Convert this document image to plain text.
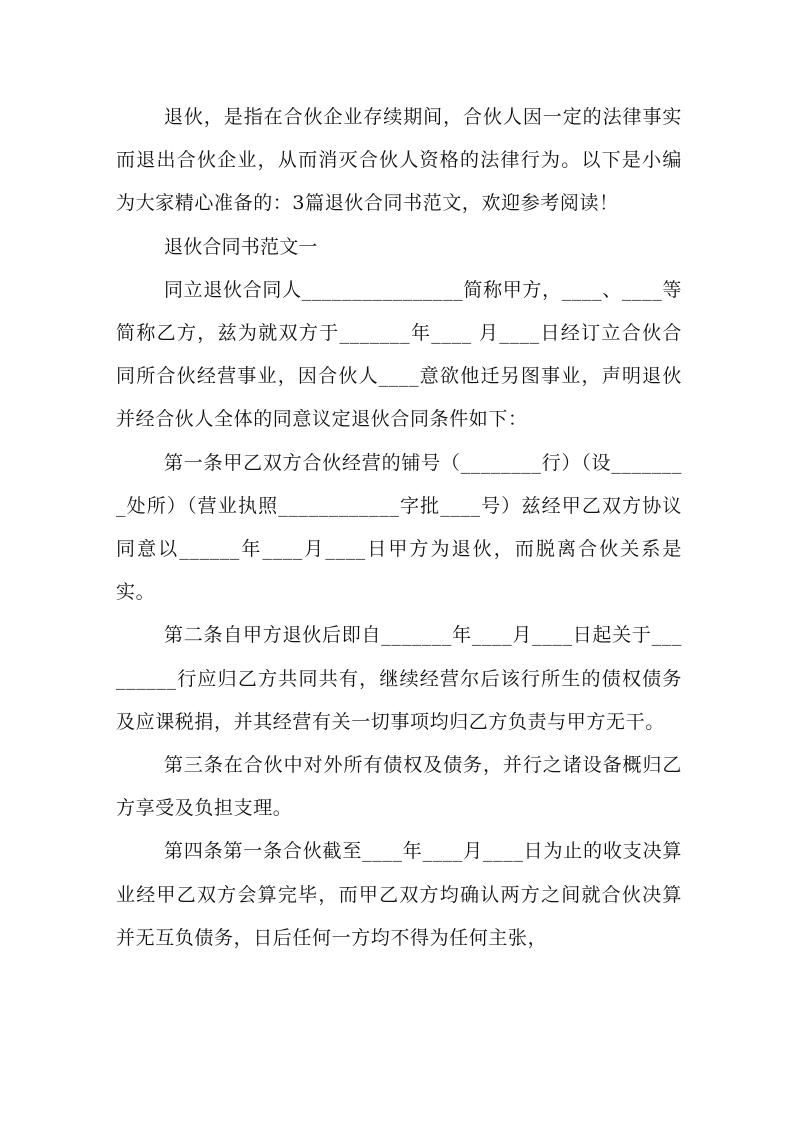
退伙，是指在合伙企业存续期间，合伙人因一定的法律事实而退出合伙企业，从而消灭合伙人资格的法律行为。以下是小编为大家精心准备的：3篇退伙合同书范文，欢迎参考阅读！

退伙合同书范文一

同立退伙合同人________________简称甲方，____、____等简称乙方，兹为就双方于_______年____ 月____日经订立合伙合同所合伙经营事业，因合伙人____意欲他迁另图事业，声明退伙并经合伙人全体的同意议定退伙合同条件如下：

第一条甲乙双方合伙经营的铺号（________行）（设________处所）（营业执照____________字批____号）兹经甲乙双方协议同意以______年____月____日甲方为退伙，而脱离合伙关系是实。

第二条自甲方退伙后即自_______年____月____日起关于_________行应归乙方共同共有，继续经营尔后该行所生的债权债务及应课税捐，并其经营有关一切事项均归乙方负责与甲方无干。

第三条在合伙中对外所有债权及债务，并行之诸设备概归乙方享受及负担支理。

第四条第一条合伙截至____年____月____日为止的收支决算业经甲乙双方会算完毕，而甲乙双方均确认两方之间就合伙决算并无互负债务，日后任何一方均不得为任何主张，
